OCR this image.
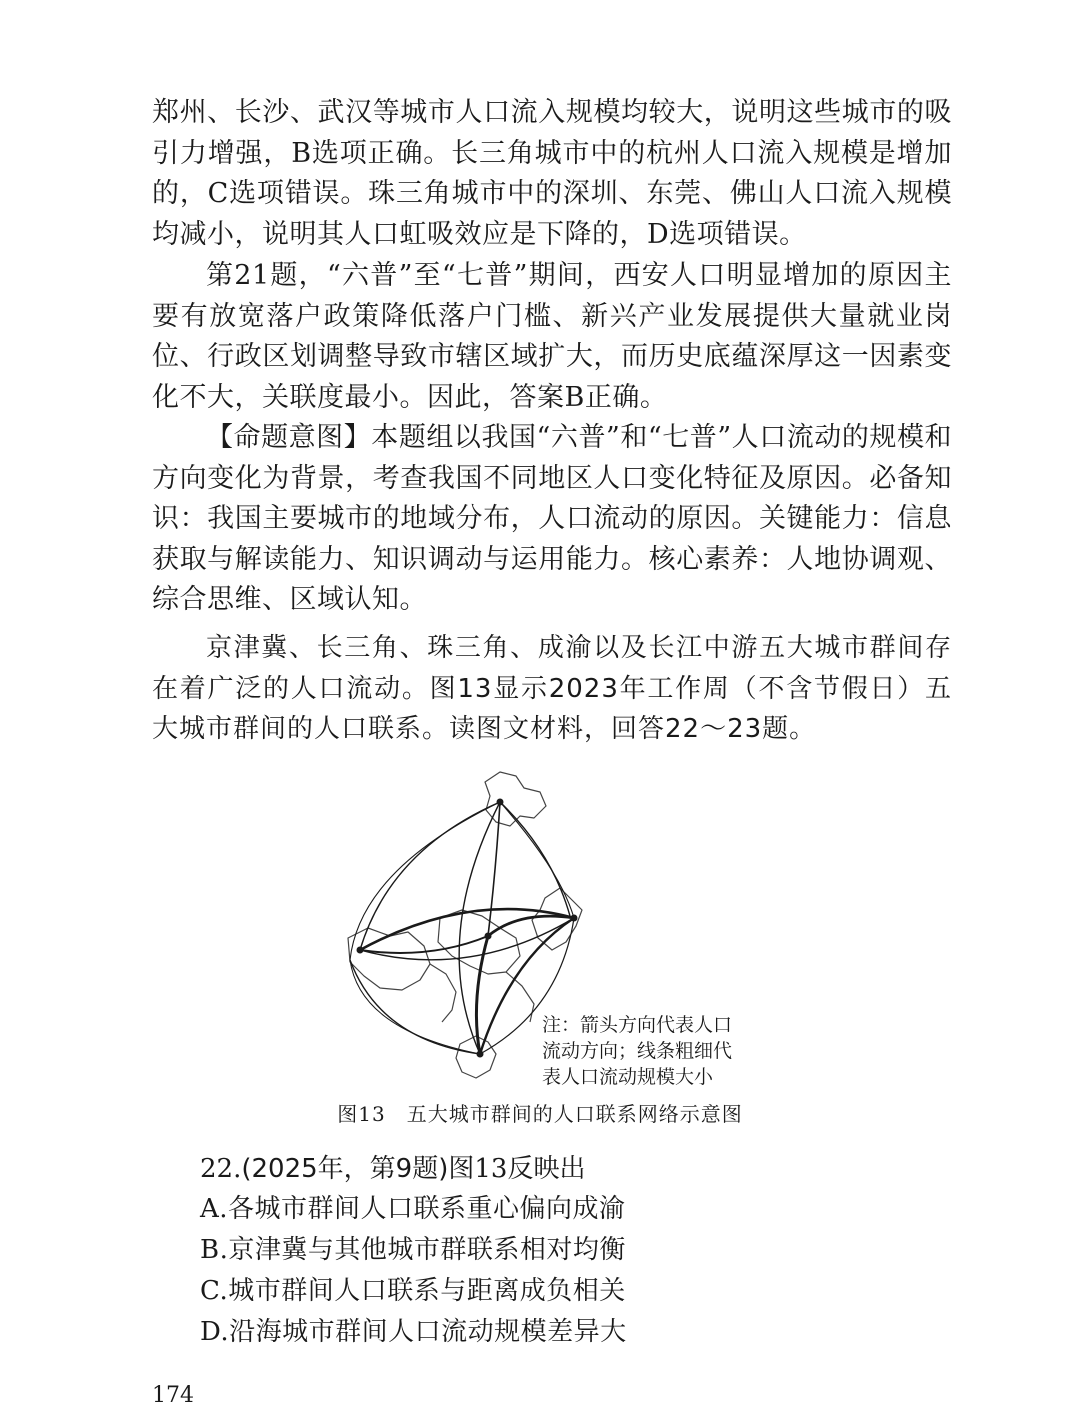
郑州、长沙、武汉等城市人口流入规模均较大，说明这些城市的吸引力增强，B选项正确。长三角城市中的杭州人口流入规模是增加的，C选项错误。珠三角城市中的深圳、东莞、佛山人口流入规模均减小，说明其人口虹吸效应是下降的，D选项错误。

第21题，“六普”至“七普”期间，西安人口明显增加的原因主要有放宽落户政策降低落户门槛、新兴产业发展提供大量就业岗位、行政区划调整导致市辖区域扩大，而历史底蕴深厚这一因素变化不大，关联度最小。因此，答案B正确。

【命题意图】本题组以我国“六普”和“七普”人口流动的规模和方向变化为背景，考查我国不同地区人口变化特征及原因。必备知识：我国主要城市的地域分布，人口流动的原因。关键能力：信息获取与解读能力、知识调动与运用能力。核心素养：人地协调观、综合思维、区域认知。

京津冀、长三角、珠三角、成渝以及长江中游五大城市群间存在着广泛的人口流动。图13显示2023年工作周（不含节假日）五大城市群间的人口联系。读图文材料，回答22～23题。

注：箭头方向代表人口
流动方向；线条粗细代
表人口流动规模大小

图13　五大城市群间的人口联系网络示意图

22.(2025年，第9题)图13反映出

A.各城市群间人口联系重心偏向成渝

B.京津冀与其他城市群联系相对均衡

C.城市群间人口联系与距离成负相关

D.沿海城市群间人口流动规模差异大

174
